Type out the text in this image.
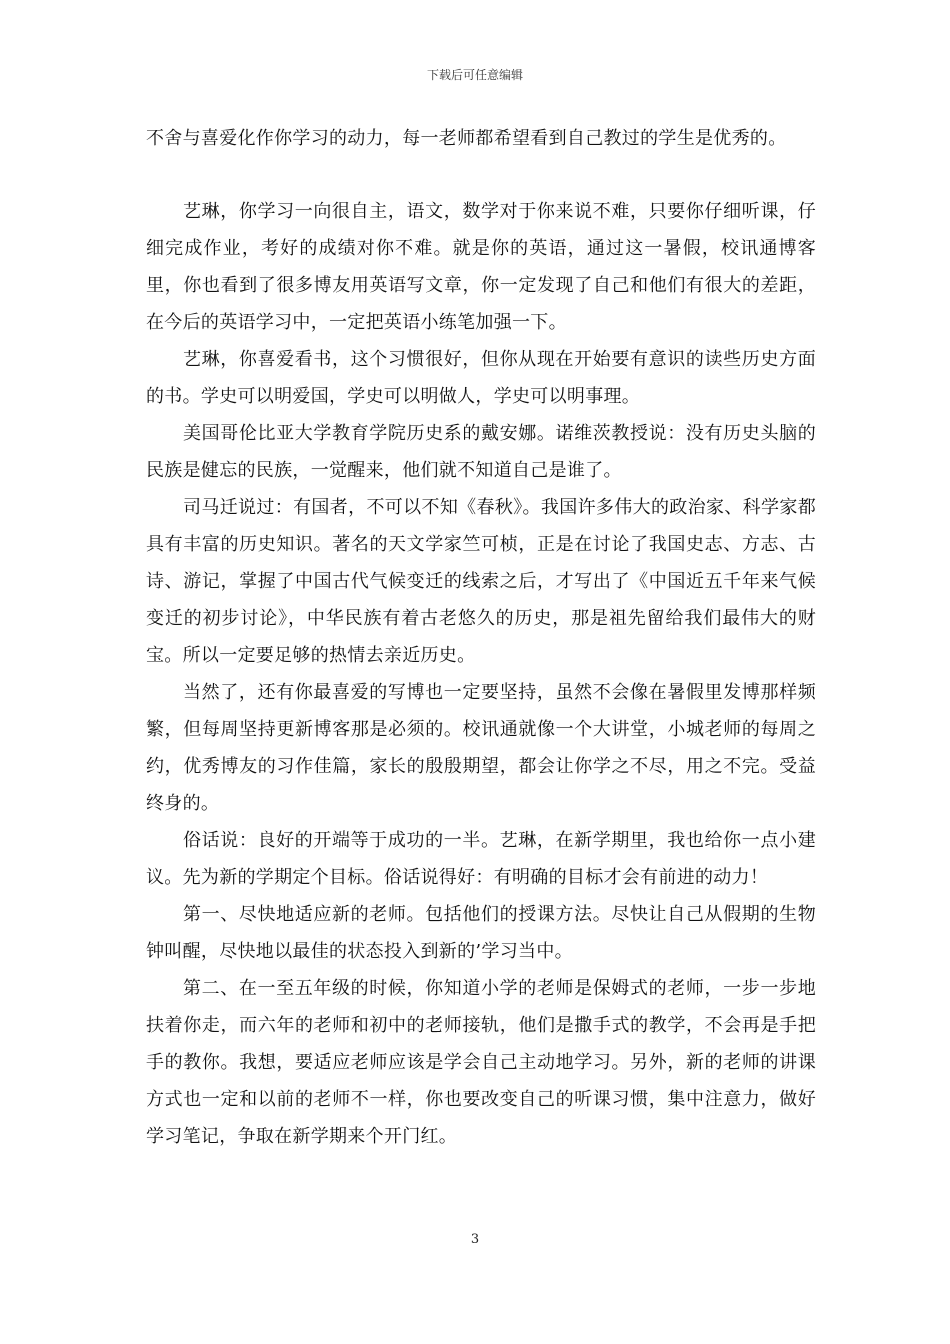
下载后可任意编辑

不舍与喜爱化作你学习的动力，每一老师都希望看到自己教过的学生是优秀的。

艺琳，你学习一向很自主，语文，数学对于你来说不难，只要你仔细听课，仔细完成作业，考好的成绩对你不难。就是你的英语，通过这一暑假，校讯通博客里，你也看到了很多博友用英语写文章，你一定发现了自己和他们有很大的差距，在今后的英语学习中，一定把英语小练笔加强一下。

艺琳，你喜爱看书，这个习惯很好，但你从现在开始要有意识的读些历史方面的书。学史可以明爱国，学史可以明做人，学史可以明事理。

美国哥伦比亚大学教育学院历史系的戴安娜。诺维茨教授说：没有历史头脑的民族是健忘的民族，一觉醒来，他们就不知道自己是谁了。

司马迁说过：有国者，不可以不知《春秋》。我国许多伟大的政治家、科学家都具有丰富的历史知识。著名的天文学家竺可桢，正是在讨论了我国史志、方志、古诗、游记，掌握了中国古代气候变迁的线索之后，才写出了《中国近五千年来气候变迁的初步讨论》，中华民族有着古老悠久的历史，那是祖先留给我们最伟大的财宝。所以一定要足够的热情去亲近历史。

当然了，还有你最喜爱的写博也一定要坚持，虽然不会像在暑假里发博那样频繁，但每周坚持更新博客那是必须的。校讯通就像一个大讲堂，小城老师的每周之约，优秀博友的习作佳篇，家长的殷殷期望，都会让你学之不尽，用之不完。受益终身的。

俗话说：良好的开端等于成功的一半。艺琳，在新学期里，我也给你一点小建议。先为新的学期定个目标。俗话说得好：有明确的目标才会有前进的动力！

第一、尽快地适应新的老师。包括他们的授课方法。尽快让自己从假期的生物钟叫醒，尽快地以最佳的状态投入到新的’学习当中。

第二、在一至五年级的时候，你知道小学的老师是保姆式的老师，一步一步地扶着你走，而六年的老师和初中的老师接轨，他们是撒手式的教学，不会再是手把手的教你。我想，要适应老师应该是学会自己主动地学习。另外，新的老师的讲课方式也一定和以前的老师不一样，你也要改变自己的听课习惯，集中注意力，做好学习笔记，争取在新学期来个开门红。

3
